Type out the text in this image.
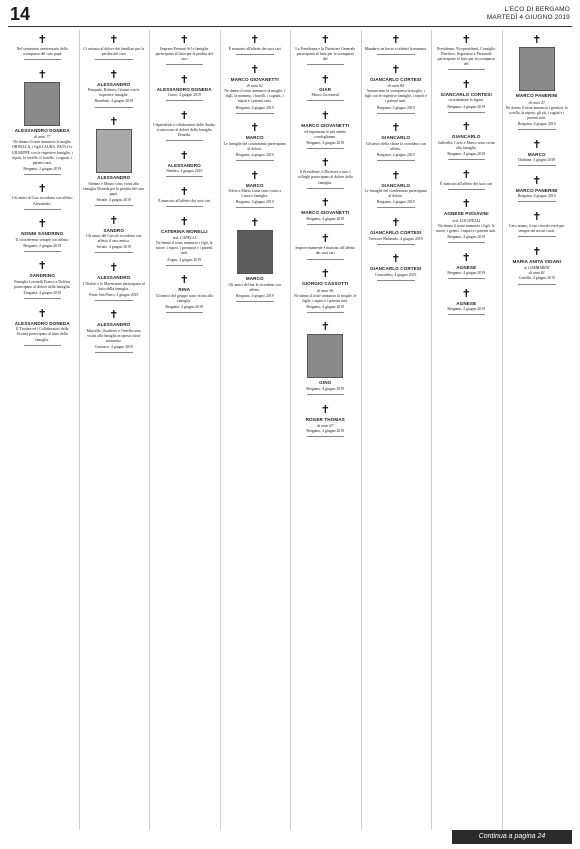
14	L'ECO DI BERGAMO
MARTEDÌ 4 GIUGNO 2019
✝
Nel ventesimo anniversario della scomparsa del caro papà
✝
ALESSANDRO DONEDA
di anni 77
Ne danno il triste annuncio la moglie ORNELLA, i figli LAURA, PAOLO e GIUSEPPE con le rispettive famiglie, i nipoti, le sorelle, il fratello, i cognati, i parenti tutti.
Bergamo, 2 giugno 2019
✝
Gli amici di Ciao ricordano con affetto Alessandro.
✝
NONNI SANDRINO
Ti ricorderemo sempre con affetto.
Bergamo, 2 giugno 2019
✝
SANDRINO
Famiglia Locatelli Franco e Dolfina partecipano al dolore della famiglia.
Zingonia, 4 giugno 2019
✝
ALESSANDRO DONEDA
Il Titolare ed i Collaboratori della Società partecipano al lutto della famiglia.
✝
Ci uniamo al dolore dei familiari per la perdita del caro
✝
ALESSANDRO
Pasquale, Roberto, Gianni con le rispettive famiglie.
Brembate, 4 giugno 2019
✝
ALESSANDRO
Stefano e Mauro sono vicini alla famiglia Doneda per la perdita del caro papà.
Seriate, 4 giugno 2019
✝
SANDRO
Gli amici del Circolo ricordano con affetto il caro amico.
Seriate, 4 giugno 2019
✝
ALESSANDRO
I Titolari e le Maestranze partecipano al lutto della famiglia.
Ponte San Pietro, 4 giugno 2019
✝
ALESSANDRO
Marcello, Gualtiero e Ornella sono vicini alla famiglia in questo triste momento.
Curnasco, 4 giugno 2019
✝
Imprese Presenti Srl e famiglie partecipano al lutto per la perdita del caro
✝
ALESSANDRO DONEDA
Como, 4 giugno 2019
✝
I dipendenti e collaboratori dello Studio si uniscono al dolore della famiglia Doneda.
✝
ALESSANDRO
Nembro, 4 giugno 2019
✝
È mancato all'affetto dei suoi cari
✝
CATERINA MORELLI
ved. CAPELLI
Ne danno il triste annuncio i figli, le nuore, i nipoti, i pronipoti e i parenti tutti.
Zogno, 4 giugno 2019
✝
RINA
Gli amici del gruppo sono vicini alla famiglia.
Bergamo, 4 giugno 2019
✝
È mancato all'affetto dei suoi cari
✝
MARCO GIOVANETTI
di anni 61
Ne danno il triste annuncio la moglie, i figli, la mamma, i fratelli, i cognati, i nipoti e i parenti tutti.
Bergamo, 4 giugno 2019
✝
MARCO
Le famiglie del condominio partecipano al dolore.
Bergamo, 4 giugno 2019
✝
MARCO
Silvio e Maria Luisa sono vicini a Laura e famiglia.
Bergamo, 4 giugno 2019
✝
MARCO
Gli amici del bar lo ricordano con affetto.
Bergamo, 4 giugno 2019
✝
La Presidenza e la Direzione Generale partecipano al lutto per la scomparsa del
✝
GIAR
Marco Giovanetti
✝
MARCO GIOVANETTI
ed esprimono le più sentite condoglianze.
Bergamo, 4 giugno 2019
✝
Il Presidente, il Direttore e tutti i colleghi partecipano al dolore della famiglia.
✝
MARCO GIOVANETTI
Bergamo, 4 giugno 2019
✝
Improvvisamente è mancato all'affetto dei suoi cari
✝
GIORGIO CASSOTTI
di anni 96
Ne danno il triste annuncio la moglie, le figlie, i nipoti e i parenti tutti.
Bergamo, 4 giugno 2019
✝
GINO
Bergamo, 4 giugno 2019
✝
ROGER THOMAS
di anni 67
Bergamo, 4 giugno 2019
✝
Mandarci un bacio e salutati la mamma.
✝
GIANCARLO CORTESI
di anni 84
Annunciano la scomparsa la moglie, i figli con le rispettive famiglie, i nipoti e i parenti tutti.
Bergamo, 3 giugno 2019
✝
GIANCARLO
Gli amici della classe lo ricordano con affetto.
Bergamo, 4 giugno 2019
✝
GIANCARLO
Le famiglie del condominio partecipano al dolore.
Bergamo, 4 giugno 2019
✝
GIANCARLO CORTESI
Trescore Balneario, 4 giugno 2019
✝
GIANCARLO CORTESI
Grassobbio, 4 giugno 2019
✝
Presidenza, Vicepresidenti, Consiglio Direttivo, Segretario e Personale partecipano al lutto per la scomparsa del
✝
GIANCARLO CORTESI
ricordandone la figura.
Bergamo, 4 giugno 2019
✝
GIANCARLO
Gabriella, Carlo e Marco sono vicini alla famiglia.
Bergamo, 4 giugno 2019
✝
È mancato all'affetto dei suoi cari
✝
AGNESE PISSAVINI
ved. LOCATELLI
Ne danno il triste annuncio i figli, le nuore, i generi, i nipoti e i parenti tutti.
Bergamo, 4 giugno 2019
✝
AGNESE
Bergamo, 4 giugno 2019
✝
AGNESE
Bergamo, 4 giugno 2019
✝
MARCO PANERINI
di anni 47
Ne danno il triste annuncio i genitori, la sorella, la nipote, gli zii, i cugini e i parenti tutti.
Bergamo, 4 giugno 2019
✝
MARCO
Dalmine, 3 giugno 2019
✝
MARCO PANERINI
Bergamo, 4 giugno 2019
✝
Caro nonno, il tuo ricordo vivrà per sempre nei nostri cuori.
✝
MARIA ANITA VIGANI
in GAMBARINI
di anni 81
Castello, 4 giugno 2019
Continua a pagina 24
